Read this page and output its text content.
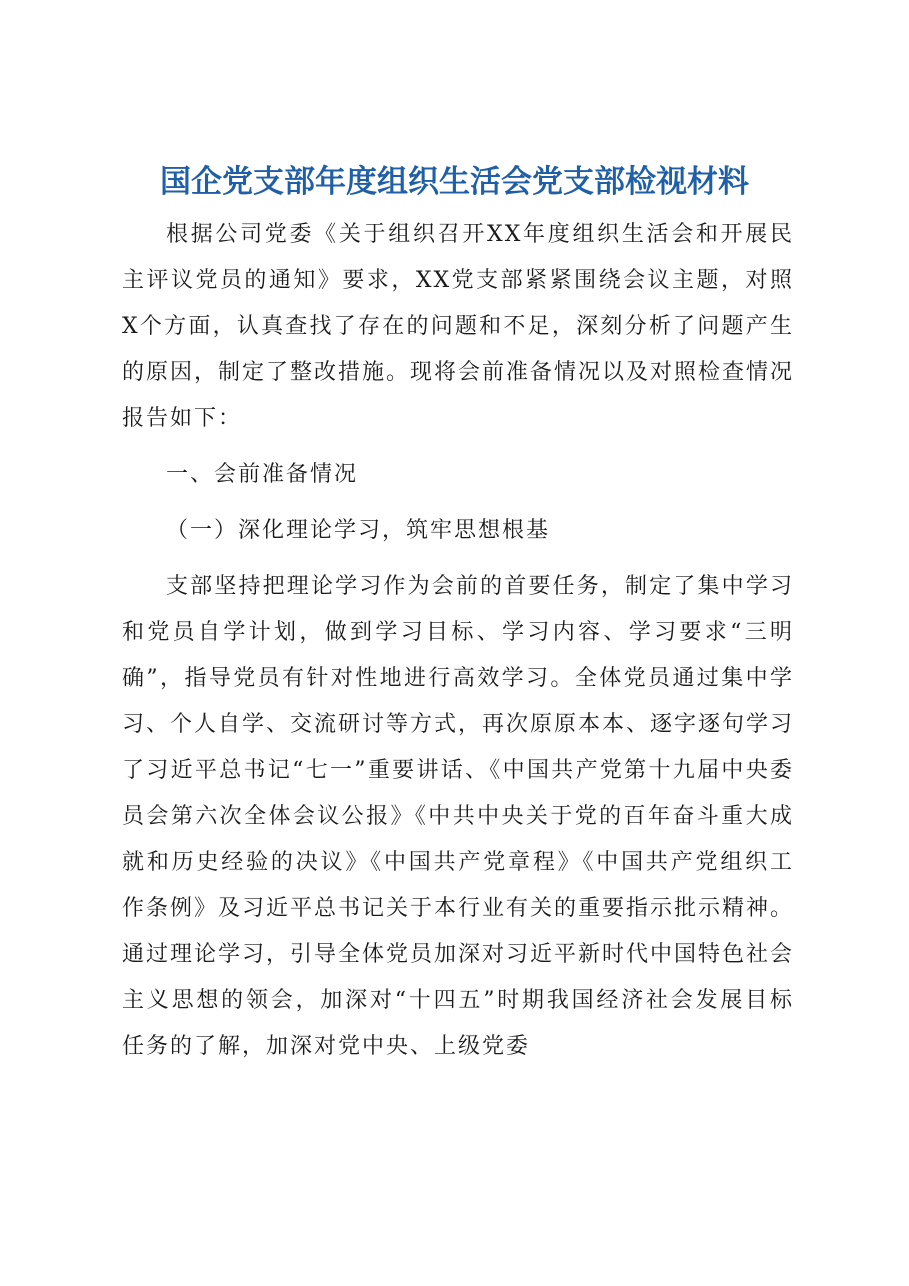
国企党支部年度组织生活会党支部检视材料

根据公司党委《关于组织召开XX年度组织生活会和开展民主评议党员的通知》要求，XX党支部紧紧围绕会议主题，对照X个方面，认真查找了存在的问题和不足，深刻分析了问题产生的原因，制定了整改措施。现将会前准备情况以及对照检查情况报告如下：

一、会前准备情况

（一）深化理论学习，筑牢思想根基

支部坚持把理论学习作为会前的首要任务，制定了集中学习和党员自学计划，做到学习目标、学习内容、学习要求“三明确”，指导党员有针对性地进行高效学习。全体党员通过集中学习、个人自学、交流研讨等方式，再次原原本本、逐字逐句学习了习近平总书记“七一”重要讲话、《中国共产党第十九届中央委员会第六次全体会议公报》《中共中央关于党的百年奋斗重大成就和历史经验的决议》《中国共产党章程》《中国共产党组织工作条例》及习近平总书记关于本行业有关的重要指示批示精神。通过理论学习，引导全体党员加深对习近平新时代中国特色社会主义思想的领会，加深对“十四五”时期我国经济社会发展目标任务的了解，加深对党中央、上级党委
